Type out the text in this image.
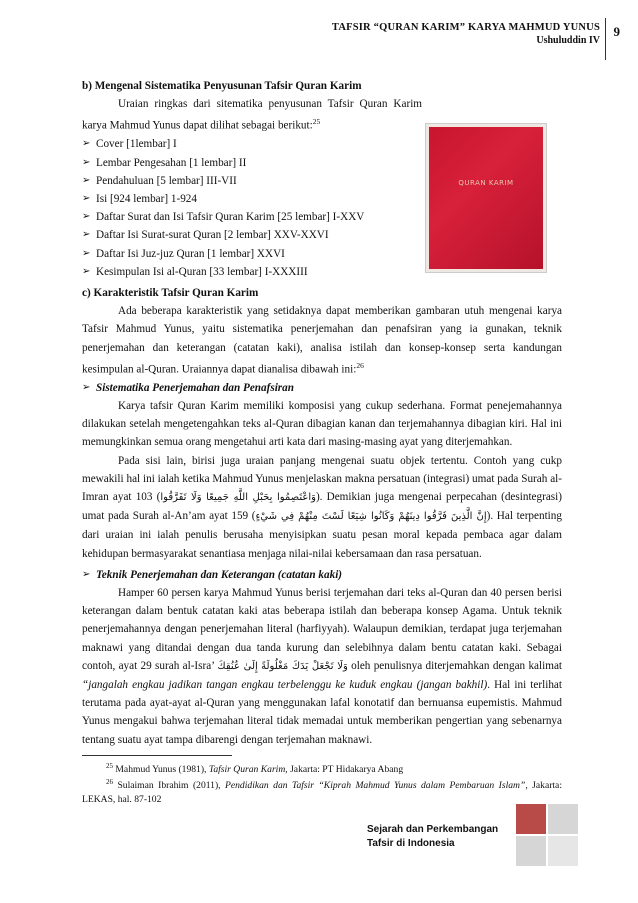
TAFSIR “QURAN KARIM” KARYA MAHMUD YUNUS
Ushuluddin IV
9
QURAN KARIM

b) Mengenal Sistematika Penyusunan Tafsir Quran Karim

Uraian ringkas dari sitematika penyusunan Tafsir Quran Karim karya Mahmud Yunus dapat dilihat sebagai berikut:$^{25}$

➢ Cover [1lembar] I
➢ Lembar Pengesahan [1 lembar] II
➢ Pendahuluan [5 lembar] III-VII
➢ Isi [924 lembar] 1-924
➢ Daftar Surat dan Isi Tafsir Quran Karim [25 lembar] I-XXV
➢ Daftar Isi Surat-surat Quran [2 lembar] XXV-XXVI
➢ Daftar Isi Juz-juz Quran [1 lembar] XXVI
➢ Kesimpulan Isi al-Quran [33 lembar] I-XXXIII

c) Karakteristik Tafsir Quran Karim

Ada beberapa karakteristik yang setidaknya dapat memberikan gambaran utuh mengenai karya Tafsir Mahmud Yunus, yaitu sistematika penerjemahan dan penafsiran yang ia gunakan, teknik penerjemahan dan keterangan (catatan kaki), analisa istilah dan konsep-konsep serta kandungan kesimpulan al-Quran. Uraiannya dapat dianalisa dibawah ini:$^{26}$

➢ Sistematika Penerjemahan dan Penafsiran

Karya tafsir Quran Karim memiliki komposisi yang cukup sederhana. Format penejemahannya dilakukan setelah mengetengahkan teks al-Quran dibagian kanan dan terjemahannya dibagian kiri. Hal ini memungkinkan semua orang mengetahui arti kata dari masing-masing ayat yang diterjemahkan.

Pada sisi lain, birisi juga uraian panjang mengenai suatu objek tertentu. Contoh yang cukp mewakili hal ini ialah ketika Mahmud Yunus menjelaskan makna persatuan (integrasi) umat pada Surah al-Imran ayat 103 (وَاعْتَصِمُوا بِحَبْلِ اللَّهِ جَمِيعًا وَلَا تَفَرَّقُوا). Demikian juga mengenai perpecahan (desintegrasi) umat pada Surah al-An’am ayat 159 (إِنَّ الَّذِينَ فَرَّقُوا دِينَهُمْ وَكَانُوا شِيَعًا لَسْتَ مِنْهُمْ فِي شَيْءٍ). Hal terpenting dari uraian ini ialah penulis berusaha menyisipkan suatu pesan moral kepada pembaca agar dalam kehidupan bermasyarakat senantiasa menjaga nilai-nilai kebersamaan dan rasa persatuan.

➢ Teknik Penerjemahan dan Keterangan (catatan kaki)

Hamper 60 persen karya Mahmud Yunus berisi terjemahan dari teks al-Quran dan 40 persen berisi keterangan dalam bentuk catatan kaki atas beberapa istilah dan beberapa konsep Agama. Untuk teknik penerjemahannya dengan penerjemahan literal (harfiyyah). Walaupun demikian, terdapat juga terjemahan maknawi yang ditandai dengan dua tanda kurung dan selebihnya dalam bentu catatan kaki. Sebagai contoh, ayat 29 surah al-Isra’	وَلَا تَجْعَلْ يَدَكَ مَغْلُولَةً إِلَىٰ عُنُقِكَ	oleh penulisnya diterjemahkan dengan kalimat “jangalah engkau jadikan tangan engkau terbelenggu ke kuduk engkau (jangan bakhil). Hal ini terlihat terutama pada ayat-ayat al-Quran yang menggunakan lafal konotatif dan bernuansa eupemistis. Mahmud Yunus mengakui bahwa terjemahan literal tidak memadai untuk memberikan pengertian yang sebenarnya tentang suatu ayat tampa dibarengi dengan terjemahan maknawi.

$^{25}$ Mahmud Yunus (1981), Tafsir Quran Karim, Jakarta: PT Hidakarya Abang

$^{26}$ Sulaiman Ibrahim (2011), Pendidikan dan Tafsir “Kiprah Mahmud Yunus dalam Pembaruan Islam”, Jakarta: LEKAS, hal. 87-102

Sejarah dan Perkembangan
Tafsir di Indonesia
